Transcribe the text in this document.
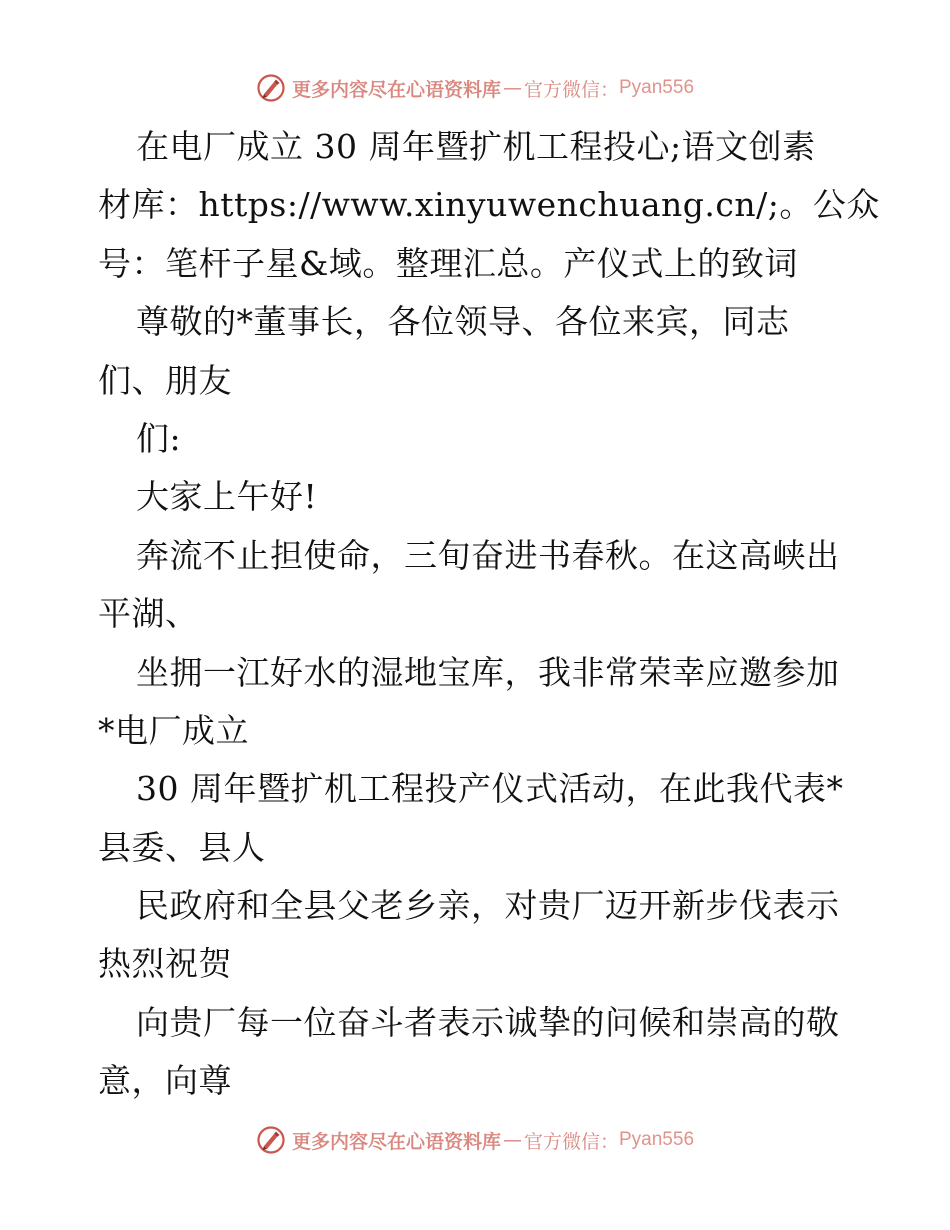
更多内容尽在心语资料库 — 官方微信： Pyan556
在电厂成立 30 周年暨扩机工程投心;语文创素
材库：https://www.xinyuwenchuang.cn/;。公众
号：笔杆子星&域。整理汇总。产仪式上的致词
尊敬的*董事长，各位领导、各位来宾，同志
们、朋友
们:
大家上午好!
奔流不止担使命，三旬奋进书春秋。在这高峡出
平湖、
坐拥一江好水的湿地宝库，我非常荣幸应邀参加
*电厂成立
30 周年暨扩机工程投产仪式活动，在此我代表*
县委、县人
民政府和全县父老乡亲，对贵厂迈开新步伐表示
热烈祝贺
向贵厂每一位奋斗者表示诚挚的问候和崇高的敬
意，向尊
更多内容尽在心语资料库 — 官方微信： Pyan556
